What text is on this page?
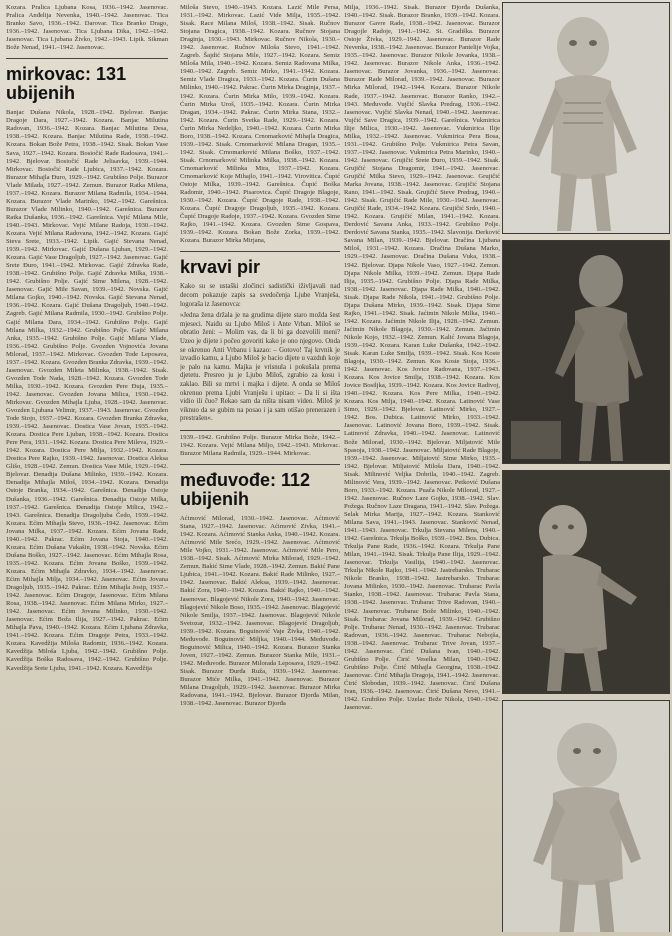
Kozara. Pralica Ljubana Kosa, 1936.–1942. Jasenovac. Pralica Anđelija Nevenka, 1940.–1942. Jasenovac. Tica Branko Savo, 1936.–1942. Darovar. Tica Branko Drago, 1936.–1942. Jasenovac. Tica Ljubana Dika, 1942.–1942. Jasenovac. Tica Ljubana Živko, 1942.–1943. Lipik. Sikman Bože Nenad, 1941.–1942. Jasenovac.

mirkovac: 131 ubijenih

Banjac Dušana Nikola, 1928.–1942. Bjelovar. Banjac Dragoje Dara, 1927.–1942. Kozara. Banjac Milutina Radovan, 1936.–1942. Kozara. Banjac Milutina Desa, 1938.–1942. Kozara. Banjac Milutina Rade, 1938.–1942. Kozara. Bokan Bože Petra, 1938.–1942. Sisak. Bokan Vase Sava, 1927.–1942. Kozara. Bosiočić Rade Radosava, 1941.–1942. Bjelovar. Bosiočić Rade Jelisavka, 1939.–1944. Mirkovac. Bosiočić Rade Ljubica, 1937.–1942. Kozara. Burazor Mihajla Đuro, 1929.–1942. Grubišno Polje. Burazor Vlade Milada, 1927.–1942. Zemun. Burazor Ratka Milena, 1937.–1942. Kozara. Burazor Milana Radmila, 1934.–1944. Kozara. Burazor Vlade Marinko, 1942.–1942. Garešnica. Burazor Vlade Milinko, 1940.–1942. Garešnica. Burazor Ratka Dušanka, 1936.–1942. Garešnica. Vejić Milana Mile, 1940.–1943. Mirkovac. Vejić Milane Radoja, 1930.–1942. Kozara. Vejić Milana Radovana, 1942.–1942. Kozara. Gajić Steva Srete, 1933.–1942. Lipik. Gajić Stevana Nenad, 1939.–1942. Mirkovac. Gajić Dušana Ljuban, 1929.–1942. Kozara. Gajić Vase Dragoljub, 1927.–1942. Jasenovac. Gajić Srete Đuro, 1941.–1942. Mirkovac. Gajić Zdravka Rade, 1938.–1942. Grubišno Polje. Gajić Zdravka Milka, 1938.–1942. Grubišno Polje. Gajić Sime Milena, 1928.–1942. Jasenovac. Gajić Mile Savan, 1939.–1942. Novska. Gajić Milana Gojko, 1940.–1942. Novska. Gajić Stevana Nenad, 1936.–1942. Kozara. Gajić Dušana Dragoljub, 1940.–1942. Zagreb. Gajić Milana Radmila, 1930.–1942. Grubišno Polje. Gajić Milana Dara, 1934.–1942. Grubišno Polje. Gajić Milana Milka, 1932.–1942. Grubišno Polje. Gajić Milana Anka, 1935.–1942. Grubišno Polje. Gajić Milana Vlade, 1936.–1942. Grubišno Polje. Gvozden Vojnovića Jovana Milorad, 1937.–1942. Mirkovac. Gvozden Tode Leposava, 1937.–1942. Kozara. Gvozden Branka Zdravka, 1939.–1942. Jasenovac. Gvozden Mileta Milinka, 1938.–1942. Sisak. Gvozden Tode Nada, 1928.–1942. Kozara. Gvozden Tode Milka, 1930.–1942. Kozara. Gvozden Pere Đuja, 1935.–1942. Jasenovac. Gvozden Jovana Milica, 1930.–1942. Mirkovac. Gvozden Mihajla Ljuba, 1928.–1942. Jasenovac. Gvozden Ljubana Velimir, 1937.–1943. Jasenovac. Gvozden Tode Stojo, 1937.–1942. Kozara. Gvozden Branka Zdravka, 1939.–1942. Jasenovac. Dostica Vase Jovan, 1935.–1942. Kozara. Dostica Pere Ljuban, 1938.–1942. Kozara. Dostica Pere Pera, 1931.–1942. Kozara. Dostica Pere Mileva, 1929.–1942. Kozara. Dostica Pere Milja, 1932.–1942. Kozara. Dostica Pere Rajko, 1939.–1942. Jasenovac. Dostica Aleksa Glišo, 1928.–1942. Zemun. Dostica Vase Mile, 1929.–1942. Bjelovar. Đenadija Dušana Milinko, 1939.–1942. Kozara. Đenadija Mihajla Miloš, 1934.–1942. Kozara. Đenadija Ostoje Branka, 1934.–1942. Garešnica. Đenadija Ostoje Dušanka, 1936.–1942. Garešnica. Đenadija Ostoje Milka, 1937.–1942. Garešnica. Đenadija Ostoje Milica, 1942.–1943. Garešnica. Đenadija Dragoljuba Čedo, 1939.–1942. Kozara. Ećim Mihajla Stevo, 1936.–1942. Jasenovac. Ećim Jovana Milka, 1937.–1942. Kozara. Ećim Jovana Rade, 1940.–1942. Pakrac. Ećim Jovana Stoja, 1940.–1942. Kozara. Ećim Dušana Vukašin, 1938.–1942. Novska. Ećim Dušana Boško, 1927.–1942. Jasenovac. Ećim Mihajla Rosa, 1935.–1942. Kozara. Ećim Jovana Boško, 1939.–1942. Kozara. Ećim Mihajla Zdravko, 1934.–1942. Jasenovac. Ećim Mihajla Milja, 1934.–1942. Jasenovac. Ećim Jovana Dragoljub, 1935.–1942. Pakrac. Ećim Mihajla Josip, 1937.–1942. Jasenovac. Ećim Dragoje, Jasenovac. Ećim Milana Rosa, 1938.–1942. Jasenovac. Ećim Milana Mirko, 1927.–1942. Jasenovac. Ećim Jovana Milinko, 1930.–1942. Jasenovac. Ećim Boža Ilija, 1927.–1942. Pakrac. Ećim Mihajla Pava, 1940.–1942. Kozara. Ećim Ljubana Zdravka, 1941.–1942. Kozara. Ećim Dragoje Petra, 1933.–1942. Kozara. Kavedžija Miloša Radomir, 1936.–1942. Kozara. Kavedžija Miloša Ljuba, 1942.–1942. Grubišno Polje. Kavedžija Boška Radosava, 1942.–1942. Grubišno Polje. Kavedžija Srete Ljuba, 1941.–1942. Kozara. Kavedžija

Miloša Stevo, 1940.–1943. Kozara. Lazić Mile Persa, 1931.–1942. Mirkovac. Lazić Vide Milja, 1935.–1942. Sisak. Race Milana Miloš, 1938.–1942. Sisak. Ručnov Stojana Dragica, 1938.–1942. Kozara. Ručnov Stojana Draginja, 1930.–1943. Mirkovac. Ručnov Nikola, 1930.–1942. Jasenovac. Ručnov Miloša Stevo, 1941.–1942. Zagreb. Šajdić Stojana Mile, 1927.–1942. Kozara. Semiz Miloša Mila, 1940.–1942. Kozara. Semiz Radovana Milka, 1940.–1942. Zagreb. Semiz Mirko, 1941.–1942. Kozara. Semiz Vlade Dragica, 1933.–1942. Kozara. Ćurin Dušana Milinko, 1940.–1942. Pakrac. Ćurin Mirka Draginja, 1937.–1942. Kozara. Ćurin Mirka Milo, 1939.–1942. Kozara. Ćurin Mirka Uroš, 1935.–1942. Kozara. Ćurin Mirka Dragan, 1934.–1942. Pakrac. Ćurin Mirka Stana, 1932.–1942. Kozara. Ćurin Svetka Rade, 1929.–1942. Kozara. Ćurin Mirka Nedeljko, 1940.–1942. Kozara. Ćurin Mirka Boro, 1938.–1942. Kozara. Crnomarković Mihajla Dragica, 1939.–1942. Sisak. Crnomarković Milana Dragan, 1935.–1942. Sisak. Crnomarković Milana Boško, 1937.–1942. Sisak. Crnomarković Milinka Milka, 1938.–1942. Kozara. Crnomarković Milinka Mira, 1937.–1942. Kozara. Crnomarković Koje Mihajlo, 1941.–1942. Virovitica. Čupić Ostoje Milka, 1939.–1942. Garešnica. Čupić Boška Radomir, 1940.–1942. Pisarovica. Čupić Dragoje Blagoje, 1930.–1942. Kozara. Čupić Dragoje Rade, 1938.–1942. Kozara. Čupić Dragoje Dragoljub, 1935.–1942. Kozara. Čupić Dragoje Radoje, 1937.–1942. Kozara. Gvozden Sime Rajko, 1941.–1942. Kozara. Gvozden Sime Gospava, 1939.–1942. Kozara. Bokan Bože Zorka, 1939.–1942. Kozara. Burazor Mirka Mirjana,

krvavi pir

Kako su se ustaški zločinci sadistički iživljavali nad decom pokazuje zapis sa svedočenja Ljube Vranješa, logoraša iz Jasenovca:

»Jedna žena držala je na grudima dijete staro možda šest mjeseci. Naiđu su Ljubo Miloš i Ante Vrban. Miloš se obratio ženi: – Molim vas, da li bi ga dozvolili meni? Uzeo je dijete i počeo govoriti kako je ono njegovo. Onda se okrenuo Anti Vrbanu i kazao: – Gotovo! Taj krvnik je izvadio kamu, a Ljubo Miloš je bacio dijete u vazduh koje je palo na kamu. Majka je vrisnula i pokušala prema djetetu. Presreo ju je Ljubo Miloš, zgrabio za kosu i zaklao. Bili su mrtvi i majka i dijete. A onda se Miloš okrenuo prema Ljubi Vranješu i upitao: – Da li si išta vidio ili čuo? Rekao sam da ništa nisam video. Miloš je viknuo da se gubim na posao i ja sam otišao prenerazen i prestrašen«.

1939.–1942. Grubišno Polje. Burazor Mirka Bože, 1942.–1942. Kozara. Vejić Milana Miljo, 1942.–1943. Mirkovac. Burazor Milana Radmila, 1929.–1944. Mirkovac.

međuvođe: 112 ubijenih

Aćimović Milorad, 1930.–1942. Jasenovac. Aćimović Stana, 1927.–1942. Jasenovac. Aćimović Zivka, 1941.–1942. Kozara. Aćimović Stanka Anka, 1940.–1942. Kozara. Aćimović Mile Srećo, 1929.–1942. Jasenovac. Aćimović Mile Vojko, 1931.–1942. Jasenovac. Aćimović Mile Pero, 1938.–1942. Sisak. Aćimović Mirka Milorad, 1929.–1942. Zemun. Bakić Sime Vlade, 1928.–1942. Zemun. Bakić Pane Ljubica, 1941.–1942. Kozara. Bakić Rade Milinko, 1927.–1942. Jasenovac. Bakić Aleksa, 1939.–1942. Jasenovac. Bakić Zora, 1940.–1942. Kozara. Bakić Rajko, 1940.–1942. Jasenovac. Blagojević Nikole Zora, 1940.–1942. Jasenovac. Blagojević Nikole Boso, 1935.–1942. Jasenovac. Blagojević Nikole Smilja, 1937.–1942. Jasenovac. Blagojević Nikole Svetozar, 1932.–1942. Jasenovac. Blagojević Dragoljub, 1939.–1942. Kozara. Boguinović Vaje Živka, 1940.–1942. Međuvođe. Boguinović Miljka, 1940.–1944. Međuvođe. Boguinović Milica, 1940.–1942. Kozara. Burazor Stanka Joven, 1927.–1942. Zemun. Burazor Stanka Mile, 1931.–1942. Međuvođe. Burazor Milorada Leposava, 1929.–1942. Sisak. Burazor Đurđa Ruža, 1939.–1942. Jasenovac. Burazor Miće Milka, 1941.–1942. Jasenovac. Burazor Milana Dragoljub, 1929.–1942. Jasenovac. Burazor Mirka Radovana, 1941.–1942. Bjelovar. Burazor Đjorđa Milan, 1938.–1942. Jasenovac. Burazor Đjorđa

Milja, 1936.–1942. Sisak. Burazor Đjorđa Dušanka, 1940.–1942. Sisak. Burazor Branko, 1939.–1942. Kozara. Burazor Gavre Rade, 1938.–1942. Jasenovac. Burazor Dragojle Radoje, 1941.–1942. St. Gradiška. Burazor Ostoje Živka, 1929.–1942. Jasenovac. Burazor Rade Nevenka, 1938.–1942. Jasenovac. Burazor Pantelije Vojka, 1935.–1942. Jasenovac. Burazor Nikole Jovanka, 1938.–1942. Jasenovac. Burazor Nikole Anka, 1936.–1942. Jasenovac. Burazor Jovanka, 1936.–1942. Jasenovac. Burazor Rade Milorad, 1939.–1942. Jasenovac. Burazor Mirka Milorad, 1942.–1944. Kozara. Burazor Nikole Rade, 1937.–1942. Jasenovac. Burazor Ranko, 1942.–1943. Međuvođe. Vujčić Slavka Predrag, 1936.–1942. Jasenovac. Vujčić Slavka Nenad, 1940.–1942. Jasenovac. Vujčić Save Dragica, 1939.–1942. Garešnica. Vukmirica Ilije Milica, 1930.–1942. Jasenovac. Vukmirica Ilije Milka, 1932.–1942. Jasenovac. Vukmirica Pera Bosa, 1931.–1942. Grubišno Polje. Vukmirica Petra Savan, 1937.–1942. Jasenovac. Vukmirica Petra Marinko, 1940.–1942. Jasenovac. Grujičić Srete Đuro, 1939.–1942. Sisak. Grujičić Stojana Dragomir, 1941.–1942. Jasenovac. Grujičić Milka Stevo, 1929.–1942. Jasenovac. Grujičić Marka Jovana, 1938.–1942. Jasenovac. Grujičić Stojana Rano, 1941.–1942. Sisak. Grujičić Steve Predrag, 1940.–1942. Sisak. Grujičić Rade Mile, 1930.–1942. Jasenovac. Grujičić Rade, 1934.–1942. Kozara. Grujičić Srdo, 1940.–1942. Kozara. Grujičić Milan, 1941.–1942. Kozara. Đerdović Savana Anka, 1933.–1942. Grubišno Polje. Đerdović Savana Stanka, 1935.–1942. Slavonija. Đerković Savana Milan, 1939.–1942. Bjelovar. Dračina Ljubana Miloš, 1931.–1942. Kozara. Dračina Dušana Marko, 1929.–1942. Jasenovac. Dračina Dušana Vuka, 1938.–1942. Bjelovar. Djapa Nikole Vaso, 1927.–1942. Zemun. Djapa Nikole Milka, 1939.–1942. Zemun. Djapa Rade Ilija, 1935.–1942. Grubišno Polje. Djapa Rade Milka, 1938.–1942. Jasenovac. Djapa Rade Milka, 1940.–1942. Sisak. Djapa Rade Nikola, 1941.–1942. Grubišno Polje. Djapa Dušana Mirko, 1939.–1942. Sisak. Djapa Sime Rajko, 1941.–1942. Sisak. Jaćimin Nikole Milka, 1940.–1942. Kozara. Jaćimin Nikole Ilija, 1928.–1942. Zemun. Jaćimin Nikole Blagoja, 1930.–1942. Zemun. Jaćimin Nikole Kojo, 1932.–1942. Zemun. Kalić Jovana Blagoja, 1939.–1942. Kozara. Karan Luke Dušanka, 1942.–1942. Sisak. Karan Luke Smilja, 1939.–1942. Sisak. Kos Koste Blagoja, 1930.–1942. Zemun. Kos Koste Stoja, 1936.–1942. Jasenovac. Kos Jovice Radovana, 1937.–1943. Kozara. Kos Jovice Smilja, 1938.–1942. Kozara. Kos Jovice Bosiljka, 1939.–1942. Kozara. Kos Jovice Radivoj, 1940.–1942. Kozara. Kos Pere Milka, 1940.–1942. Kozara. Kos Milja, 1940.–1942. Kozara. Latinović Vase Simo, 1929.–1942. Bjelovar. Latinović Mirko, 1927.–1942. Bos. Dubica. Latinović Mirko, 1933.–1942. Jasenovac. Latinović Jovana Boro, 1939.–1942. Sisak. Latinović Zdravka, 1940.–1942. Jasenovac. Latinović Bože Milorad, 1930.–1942. Bjelovar. Miljatović Mile Spasoja, 1938.–1942. Jasenovac. Miljatović Rade Blagoje, 1939.–1942. Jasenovac. Miljatović Sime Mirko, 1935.–1942. Bjelovar. Miljatović Miloša Dara, 1940.–1942. Sisak. Milinović Veljka Dobrila, 1940.–1942. Zagreb. Milinović Vera, 1939.–1942. Jasenovac. Petković Dušana Boro, 1933.–1942. Kozara. Puača Nikole Milorad, 1927.–1942. Jasenovac. Ručnov Laze Gojko, 1938.–1942. Slav. Požega. Ručnov Laze Dragana, 1941.–1942. Slav. Požega. Selak Mirka Marija, 1927.–1942. Kozara. Stanković Milana Sava, 1941.–1943. Jasenovac. Stanković Nenad, 1941.–1943. Jasenovac. Trkulja Stevana Milena, 1940.–1942. Garešnica. Trkulja Boško, 1939.–1942. Bos. Dubica. Trkulja Pane Rade, 1936.–1942. Kozara. Trkulja Pane Milan, 1941.–1942. Sisak. Trkulja Pane Ilija, 1929.–1942. Jasenovac. Trkulja Vasilija, 1940.–1942. Jasenovac. Trkulja Nikole Rajko, 1941.–1942. Jastrebarsko. Trubarac Nikole Branko, 1938.–1942. Jastrebarsko. Trubarac Jovana Milinko, 1930.–1942. Jasenovac. Trubarac Pavla Stanko, 1938.–1942. Jasenovac. Trubarac Pavla Stana, 1938.–1942. Jasenovac. Trubarac Trive Radovan, 1940.–1942. Jasenovac. Trubarac Bože Milinko, 1940.–1942. Sisak. Trubarac Jovana Milorad, 1939.–1942. Grubišno Polje. Trubarac Nenad, 1930.–1942. Jasenovac. Trubarac Radovan, 1936.–1942. Jasenovac. Trubarac Nebojša, 1938.–1942. Jasenovac. Trubarac Trive Jovan, 1937.–1942. Jasenovac. Ćirić Dušana Ivan, 1940.–1942. Grubišno Polje. Ćirić Veselka Milan, 1940.–1942. Grubišno Polje. Ćirić Mihajla Georgina, 1938.–1942. Jasenovac. Ćirić Mihajla Dragoja, 1941.–1942. Jasenovac. Ćirić Slobodan, 1939.–1942. Jasenovac. Ćirić Dušana Ivan, 1936.–1942. Jasenovac. Ćirić Dušana Nevo, 1941.–1942. Grubišno Polje. Uzelac Bože Nikola, 1940.–1942. Jasenovac.
